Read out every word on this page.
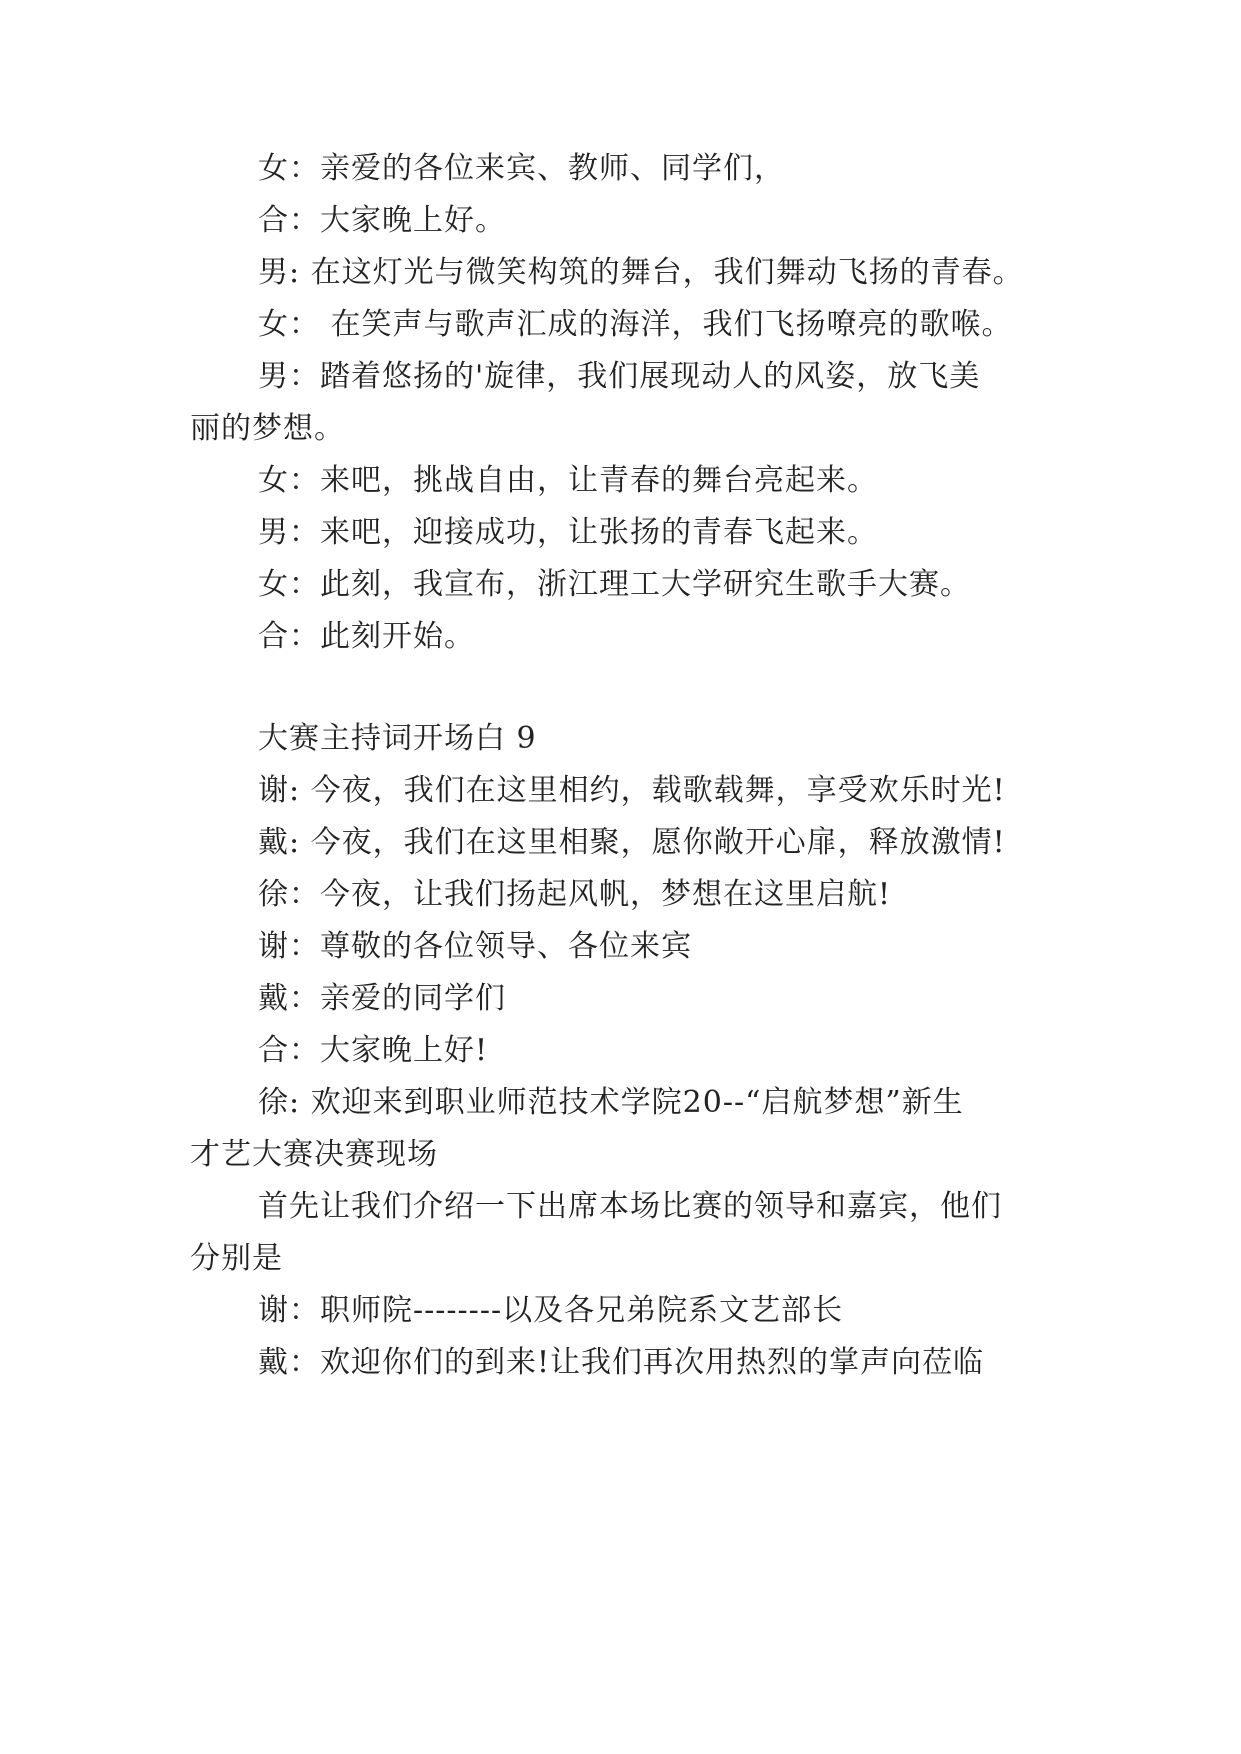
女：亲爱的各位来宾、教师、同学们，
合：大家晚上好。
男: 在这灯光与微笑构筑的舞台，我们舞动飞扬的青春。
女： 在笑声与歌声汇成的海洋，我们飞扬嘹亮的歌喉。
男：踏着悠扬的'旋律，我们展现动人的风姿，放飞美
丽的梦想。
女：来吧，挑战自由，让青春的舞台亮起来。
男：来吧，迎接成功，让张扬的青春飞起来。
女：此刻，我宣布，浙江理工大学研究生歌手大赛。
合：此刻开始。
大赛主持词开场白 9
谢: 今夜，我们在这里相约，载歌载舞，享受欢乐时光!
戴: 今夜，我们在这里相聚，愿你敞开心扉，释放激情!
徐：今夜，让我们扬起风帆，梦想在这里启航!
谢：尊敬的各位领导、各位来宾
戴：亲爱的同学们
合：大家晚上好!
徐: 欢迎来到职业师范技术学院20--“启航梦想”新生
才艺大赛决赛现场
首先让我们介绍一下出席本场比赛的领导和嘉宾，他们
分别是
谢：职师院--------以及各兄弟院系文艺部长
戴：欢迎你们的到来!让我们再次用热烈的掌声向莅临
